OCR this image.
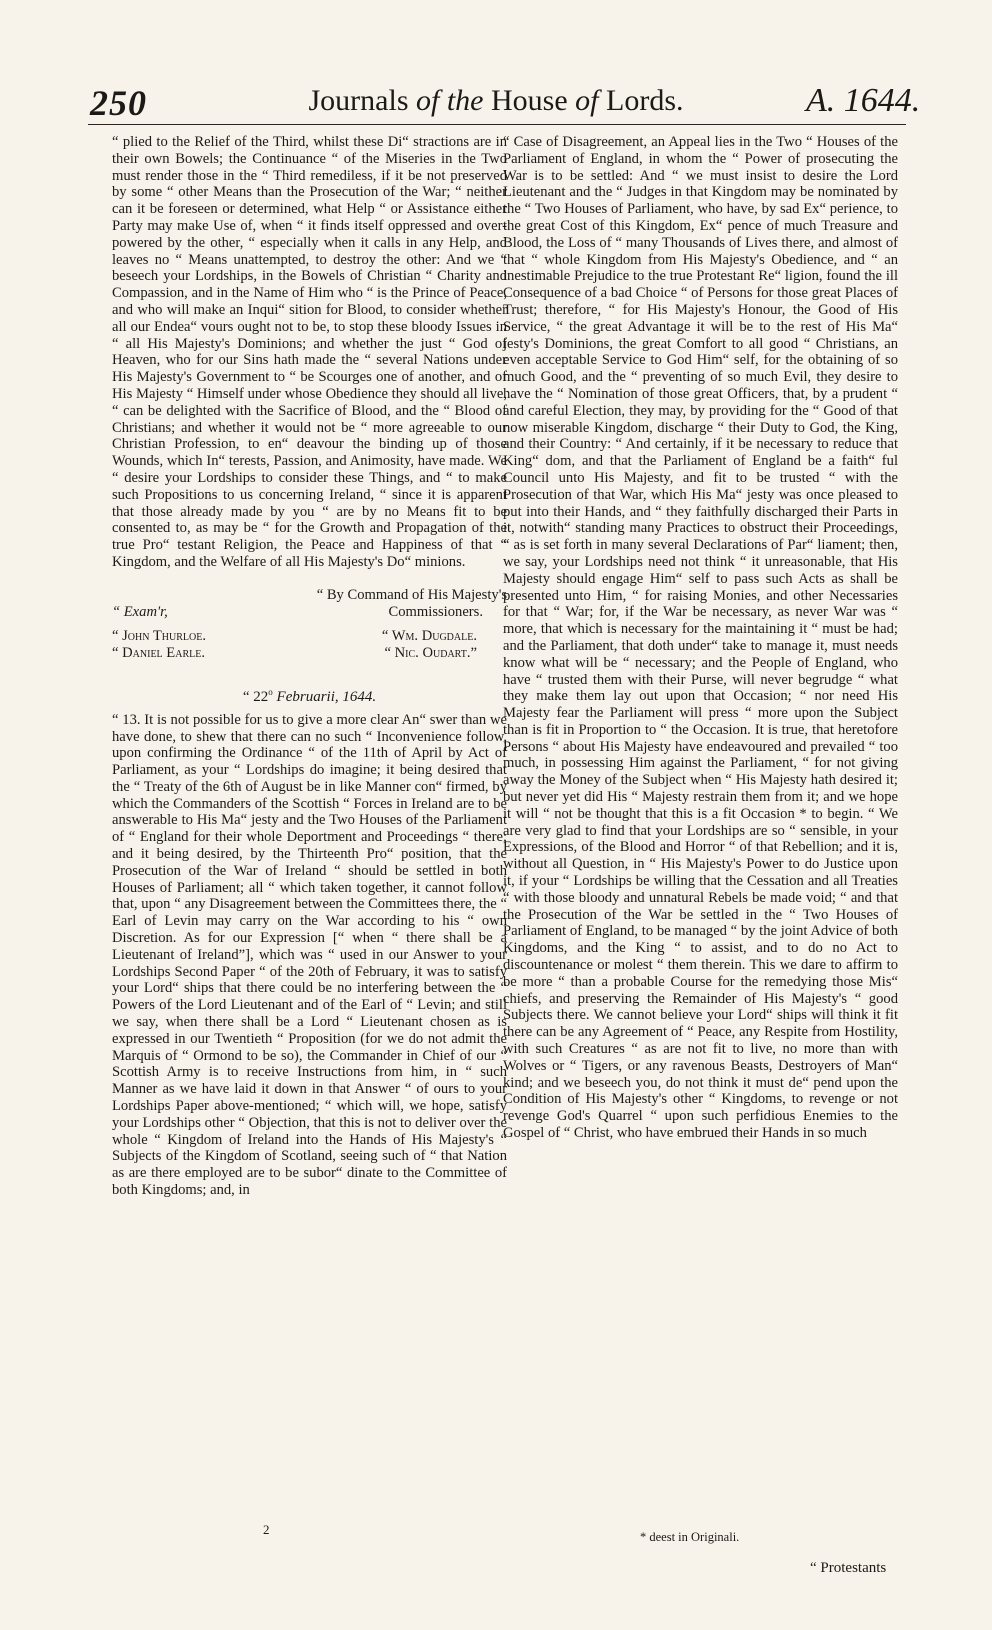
250	Journals of the House of Lords.	A. 1644.

“ plied to the Relief of the Third, whilst these Di“ stractions are in their own Bowels; the Continuance “ of the Miseries in the Two must render those in the “ Third remediless, if it be not preserved by some “ other Means than the Prosecution of the War; “ neither can it be foreseen or determined, what Help “ or Assistance either Party may make Use of, when “ it finds itself oppressed and over-powered by the other, “ especially when it calls in any Help, and leaves no “ Means unattempted, to destroy the other: And we “ beseech your Lordships, in the Bowels of Christian “ Charity and Compassion, and in the Name of Him who “ is the Prince of Peace, and who will make an Inqui“ sition for Blood, to consider whether all our Endea“ vours ought not to be, to stop these bloody Issues in “ all His Majesty's Dominions; and whether the just “ God of Heaven, who for our Sins hath made the “ several Nations under His Majesty's Government to “ be Scourges one of another, and of His Majesty “ Himself under whose Obedience they should all live, “ can be delighted with the Sacrifice of Blood, and the “ Blood of Christians; and whether it would not be “ more agreeable to our Christian Profession, to en“ deavour the binding up of those Wounds, which In“ terests, Passion, and Animosity, have made. We “ desire your Lordships to consider these Things, and “ to make such Propositions to us concerning Ireland, “ since it is apparent that those already made by you “ are by no Means fit to be consented to, as may be “ for the Growth and Propagation of the true Pro“ testant Religion, the Peace and Happiness of that “ Kingdom, and the Welfare of all His Majesty's Do“ minions.

“ By Command of His Majesty's

“ Exam'r,	Commissioners.
“ John Thurloe.	“ Wm. Dugdale.
“ Daniel Earle.	“ Nic. Oudart.”
“ 22$^o$ Februarii, 1644.

“ 13. It is not possible for us to give a more clear An“ swer than we have done, to shew that there can no such “ Inconvenience follow, upon confirming the Ordinance “ of the 11th of April by Act of Parliament, as your “ Lordships do imagine; it being desired that the “ Treaty of the 6th of August be in like Manner con“ firmed, by which the Commanders of the Scottish “ Forces in Ireland are to be answerable to His Ma“ jesty and the Two Houses of the Parliament of “ England for their whole Deportment and Proceedings “ there; and it being desired, by the Thirteenth Pro“ position, that the Prosecution of the War of Ireland “ should be settled in both Houses of Parliament; all “ which taken together, it cannot follow that, upon “ any Disagreement between the Committees there, the “ Earl of Levin may carry on the War according to his “ own Discretion. As for our Expression [“ when “ there shall be a Lieutenant of Ireland”], which was “ used in our Answer to your Lordships Second Paper “ of the 20th of February, it was to satisfy your Lord“ ships that there could be no interfering between the “ Powers of the Lord Lieutenant and of the Earl of “ Levin; and still we say, when there shall be a Lord “ Lieutenant chosen as is expressed in our Twentieth “ Proposition (for we do not admit the Marquis of “ Ormond to be so), the Commander in Chief of our “ Scottish Army is to receive Instructions from him, in “ such Manner as we have laid it down in that Answer “ of ours to your Lordships Paper above-mentioned; “ which will, we hope, satisfy your Lordships other “ Objection, that this is not to deliver over the whole “ Kingdom of Ireland into the Hands of His Majesty's “ Subjects of the Kingdom of Scotland, seeing such of “ that Nation as are there employed are to be subor“ dinate to the Committee of both Kingdoms; and, in

2

“ Case of Disagreement, an Appeal lies in the Two “ Houses of the Parliament of England, in whom the “ Power of prosecuting the War is to be settled: And “ we must insist to desire the Lord Lieutenant and the “ Judges in that Kingdom may be nominated by the “ Two Houses of Parliament, who have, by sad Ex“ perience, to the great Cost of this Kingdom, Ex“ pence of much Treasure and Blood, the Loss of “ many Thousands of Lives there, and almost of that “ whole Kingdom from His Majesty's Obedience, and “ an inestimable Prejudice to the true Protestant Re“ ligion, found the ill Consequence of a bad Choice “ of Persons for those great Places of Trust; therefore, “ for His Majesty's Honour, the Good of His Service, “ the great Advantage it will be to the rest of His Ma“ jesty's Dominions, the great Comfort to all good “ Christians, an even acceptable Service to God Him“ self, for the obtaining of so much Good, and the “ preventing of so much Evil, they desire to have the “ Nomination of those great Officers, that, by a prudent “ and careful Election, they may, by providing for the “ Good of that now miserable Kingdom, discharge “ their Duty to God, the King, and their Country: “ And certainly, if it be necessary to reduce that King“ dom, and that the Parliament of England be a faith“ ful Council unto His Majesty, and fit to be trusted “ with the Prosecution of that War, which His Ma“ jesty was once pleased to put into their Hands, and “ they faithfully discharged their Parts in it, notwith“ standing many Practices to obstruct their Proceedings, “ as is set forth in many several Declarations of Par“ liament; then, we say, your Lordships need not think “ it unreasonable, that His Majesty should engage Him“ self to pass such Acts as shall be presented unto Him, “ for raising Monies, and other Necessaries for that “ War; for, if the War be necessary, as never War was “ more, that which is necessary for the maintaining it “ must be had; and the Parliament, that doth under“ take to manage it, must needs know what will be “ necessary; and the People of England, who have “ trusted them with their Purse, will never begrudge “ what they make them lay out upon that Occasion; “ nor need His Majesty fear the Parliament will press “ more upon the Subject than is fit in Proportion to “ the Occasion. It is true, that heretofore Persons “ about His Majesty have endeavoured and prevailed “ too much, in possessing Him against the Parliament, “ for not giving away the Money of the Subject when “ His Majesty hath desired it; but never yet did His “ Majesty restrain them from it; and we hope it will “ not be thought that this is a fit Occasion * to begin. “ We are very glad to find that your Lordships are so “ sensible, in your Expressions, of the Blood and Horror “ of that Rebellion; and it is, without all Question, in “ His Majesty's Power to do Justice upon it, if your “ Lordships be willing that the Cessation and all Treaties “ with those bloody and unnatural Rebels be made void; “ and that the Prosecution of the War be settled in the “ Two Houses of Parliament of England, to be managed “ by the joint Advice of both Kingdoms, and the King “ to assist, and to do no Act to discountenance or molest “ them therein. This we dare to affirm to be more “ than a probable Course for the remedying those Mis“ chiefs, and preserving the Remainder of His Majesty's “ good Subjects there. We cannot believe your Lord“ ships will think it fit there can be any Agreement of “ Peace, any Respite from Hostility, with such Creatures “ as are not fit to live, no more than with Wolves or “ Tigers, or any ravenous Beasts, Destroyers of Man“ kind; and we beseech you, do not think it must de“ pend upon the Condition of His Majesty's other “ Kingdoms, to revenge or not revenge God's Quarrel “ upon such perfidious Enemies to the Gospel of “ Christ, who have embrued their Hands in so much

* deest in Originali.
“ Protestants
